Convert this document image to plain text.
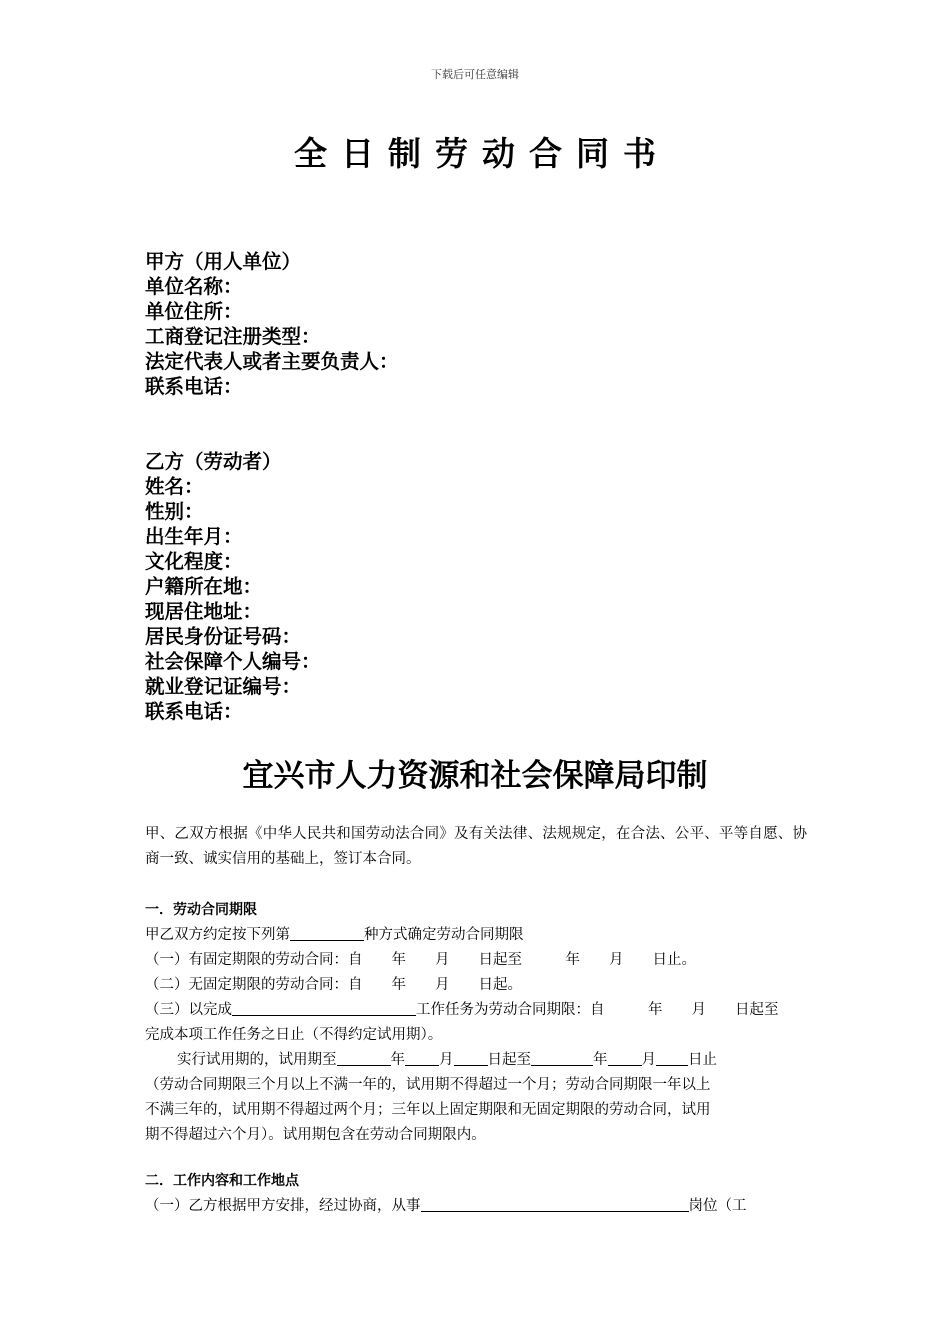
下载后可任意编辑
全日制劳动合同书
甲方（用人单位）
单位名称：
单位住所：
工商登记注册类型：
法定代表人或者主要负责人：
联系电话：
乙方（劳动者）
姓名：
性别：
出生年月：
文化程度：
户籍所在地：
现居住地址：
居民身份证号码：
社会保障个人编号：
就业登记证编号：
联系电话：
宜兴市人力资源和社会保障局印制

甲、乙双方根据《中华人民共和国劳动法合同》及有关法律、法规规定，在合法、公平、平等自愿、协商一致、诚实信用的基础上，签订本合同。

一．劳动合同期限
甲乙双方约定按下列第	种方式确定劳动合同期限
（一）有固定期限的劳动合同：自　　年　　月　　日起至　　　年　　月　　日止。
（二）无固定期限的劳动合同：自　　年　　月　　日起。
（三）以完成	工作任务为劳动合同期限：自　　　年　　月　　日起至
完成本项工作任务之日止（不得约定试用期）。
实行试用期的，试用期至	年 月 日起至	年 月 日止
（劳动合同期限三个月以上不满一年的，试用期不得超过一个月；劳动合同期限一年以上
不满三年的，试用期不得超过两个月；三年以上固定期限和无固定期限的劳动合同，试用
期不得超过六个月）。试用期包含在劳动合同期限内。
二．工作内容和工作地点
（一）乙方根据甲方安排，经过协商，从事	岗位（工
